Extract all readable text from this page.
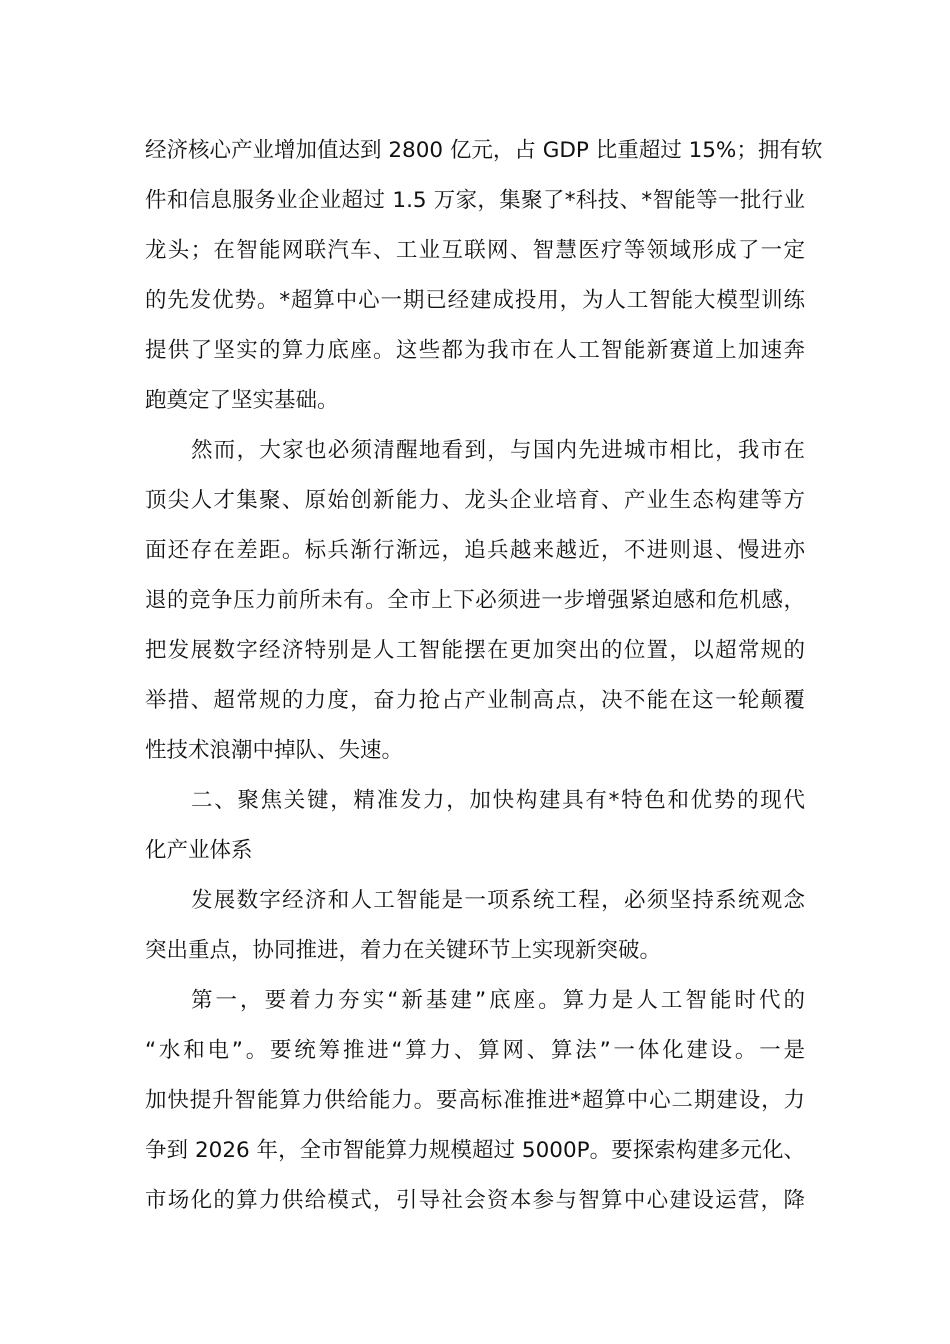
经济核心产业增加值达到 2800 亿元，占 GDP 比重超过 15%；拥有软
件和信息服务业企业超过 1.5 万家，集聚了*科技、*智能等一批行业
龙头；在智能网联汽车、工业互联网、智慧医疗等领域形成了一定
的先发优势。*超算中心一期已经建成投用，为人工智能大模型训练
提供了坚实的算力底座。这些都为我市在人工智能新赛道上加速奔
跑奠定了坚实基础。
然而，大家也必须清醒地看到，与国内先进城市相比，我市在
顶尖人才集聚、原始创新能力、龙头企业培育、产业生态构建等方
面还存在差距。标兵渐行渐远，追兵越来越近，不进则退、慢进亦
退的竞争压力前所未有。全市上下必须进一步增强紧迫感和危机感，
把发展数字经济特别是人工智能摆在更加突出的位置，以超常规的
举措、超常规的力度，奋力抢占产业制高点，决不能在这一轮颠覆
性技术浪潮中掉队、失速。
二、聚焦关键，精准发力，加快构建具有*特色和优势的现代
化产业体系
发展数字经济和人工智能是一项系统工程，必须坚持系统观念
突出重点，协同推进，着力在关键环节上实现新突破。
第一，要着力夯实“新基建”底座。算力是人工智能时代的
“水和电”。要统筹推进“算力、算网、算法”一体化建设。一是
加快提升智能算力供给能力。要高标准推进*超算中心二期建设，力
争到 2026 年，全市智能算力规模超过 5000P。要探索构建多元化、
市场化的算力供给模式，引导社会资本参与智算中心建设运营，降
